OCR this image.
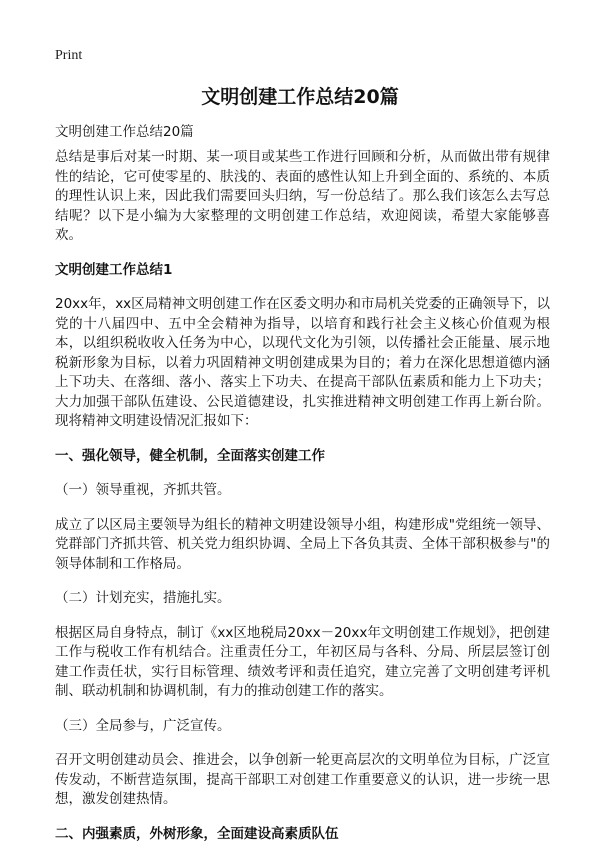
Print
文明创建工作总结20篇
文明创建工作总结20篇

总结是事后对某一时期、某一项目或某些工作进行回顾和分析，从而做出带有规律性的结论，它可使零星的、肤浅的、表面的感性认知上升到全面的、系统的、本质的理性认识上来，因此我们需要回头归纳，写一份总结了。那么我们该怎么去写总结呢？以下是小编为大家整理的文明创建工作总结，欢迎阅读，希望大家能够喜欢。

文明创建工作总结1

20xx年，xx区局精神文明创建工作在区委文明办和市局机关党委的正确领导下，以党的十八届四中、五中全会精神为指导，以培育和践行社会主义核心价值观为根本，以组织税收收入任务为中心，以现代文化为引领，以传播社会正能量、展示地税新形象为目标，以着力巩固精神文明创建成果为目的；着力在深化思想道德内涵上下功夫、在落细、落小、落实上下功夫、在提高干部队伍素质和能力上下功夫；大力加强干部队伍建设、公民道德建设，扎实推进精神文明创建工作再上新台阶。现将精神文明建设情况汇报如下：

一、强化领导，健全机制，全面落实创建工作

（一）领导重视，齐抓共管。

成立了以区局主要领导为组长的精神文明建设领导小组，构建形成"党组统一领导、党群部门齐抓共管、机关党力组织协调、全局上下各负其责、全体干部积极参与"的领导体制和工作格局。

（二）计划充实，措施扎实。

根据区局自身特点，制订《xx区地税局20xx－20xx年文明创建工作规划》，把创建工作与税收工作有机结合。注重责任分工，年初区局与各科、分局、所层层签订创建工作责任状，实行目标管理、绩效考评和责任追究，建立完善了文明创建考评机制、联动机制和协调机制，有力的推动创建工作的落实。

（三）全局参与，广泛宣传。

召开文明创建动员会、推进会，以争创新一轮更高层次的文明单位为目标，广泛宣传发动，不断营造氛围，提高干部职工对创建工作重要意义的认识，进一步统一思想，激发创建热情。

二、内强素质，外树形象，全面建设高素质队伍
